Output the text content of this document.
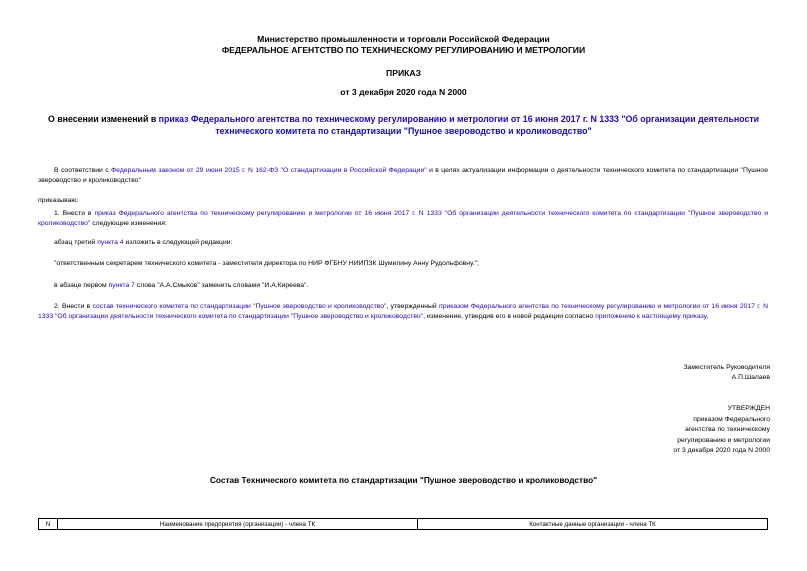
Министерство промышленности и торговли Российской Федерации
ФЕДЕРАЛЬНОЕ АГЕНТСТВО ПО ТЕХНИЧЕСКОМУ РЕГУЛИРОВАНИЮ И МЕТРОЛОГИИ
ПРИКАЗ
от 3 декабря 2020 года N 2000
О внесении изменений в приказ Федерального агентства по техническому регулированию и метрологии от 16 июня 2017 г. N 1333 "Об организации деятельности технического комитета по стандартизации "Пушное звероводство и кролиководство"
В соответствии с Федеральным законом от 29 июня 2015 г. N 162-ФЗ "О стандартизации в Российской Федерации" и в целях актуализации информации о деятельности технического комитета по стандартизации "Пушное звероводство и кролиководство"
приказываю:
1. Внести в приказ Федерального агентства по техническому регулированию и метрологии от 16 июня 2017 г. N 1333 "Об организации деятельности технического комитета по стандартизации "Пушное звероводство и кролиководство" следующие изменения:
абзац третий пункта 4 изложить в следующей редакции:
"ответственным секретарем технического комитета - заместителя директора по НИР ФГБНУ НИИПЗК Шумилину Анну Рудольфовну.";
в абзаце первом пункта 7 слова "А.А.Смыков" заменить словами "И.А.Киреева".
2. Внести в состав технического комитета по стандартизации "Пушное звероводство и кролиководство", утвержденный приказом Федерального агентства по техническому регулированию и метрологии от 16 июня 2017 г. N 1333 "Об организации деятельности технического комитета по стандартизации "Пушное звероводство и кролиководство", изменение, утвердив его в новой редакции согласно приложению к настоящему приказу.
Заместитель Руководителя
А.П.Шалаев
УТВЕРЖДЕН
приказом Федерального
агентства по техническому
регулированию и метрологии
от 3 декабря 2020 года N 2000
Состав Технического комитета по стандартизации "Пушное звероводство и кролиководство"
N	Наименование предприятия (организации) - члена ТК	Контактные данные организации - члена ТК
